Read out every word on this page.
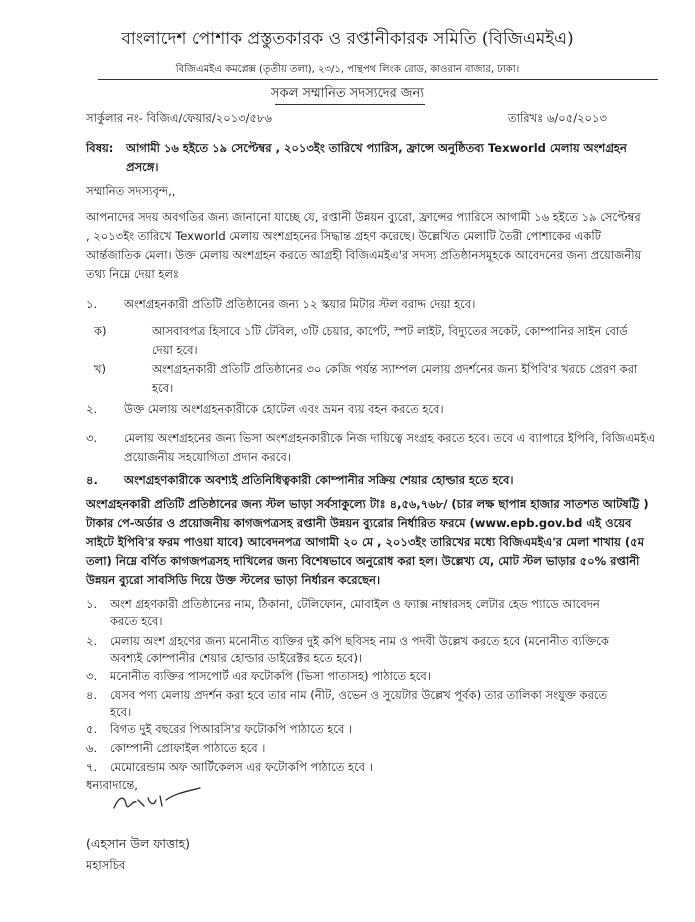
বাংলাদেশ পোশাক প্রস্তুতকারক ও রপ্তানীকারক সমিতি (বিজিএমইএ)
বিজিএমইএ কমপ্লেক্স (তৃতীয় তলা), ২৩/১, পান্থপথ লিংক রোড, কাওরান বাজার, ঢাকা।
সকল সম্মানিত সদস্যদের জন্য
সার্কুলার নং- বিজিএ/ফেয়ার/২০১৩/৫৮৬	তারিখঃ ৬/০৫/২০১৩
বিষয়: আগামী ১৬ হইতে ১৯ সেপ্টেম্বর , ২০১৩ইং তারিখে প্যারিস, ফ্রান্সে অনুষ্ঠিতব্য Texworld মেলায় অংশগ্রহন
প্রসঙ্গে।
সম্মানিত সদস্যবৃন্দ,,
আপনাদের সদয় অবগতির জন্য জানানো যাচ্ছে যে, রপ্তানী উন্নয়ন ব্যুরো, ফ্রান্সের প্যারিসে আগামী ১৬ হইতে ১৯ সেপ্টেম্বর
, ২০১৩ইং তারিখে Texworld মেলায় অংশগ্রহনের সিদ্ধান্ত গ্রহণ করেছে। উল্লেখিত মেলাটি তৈরী পোশাকের একটি
আর্ন্তজাতিক মেলা। উক্ত মেলায় অংশগ্রহন করতে আগ্রহী বিজিএমইএ'র সদস্য প্রতিষ্ঠানসমূহকে আবেদনের জন্য প্রয়োজনীয়
তথ্য নিম্নে দেয়া হলঃ
১. অংশগ্রহনকারী প্রতিটি প্রতিষ্ঠানের জন্য ১২ স্কয়ার মিটার স্টল বরাদ্দ দেয়া হবে।
ক)	আসবাবপত্র হিসাবে ১টি টেবিল, ৩টি চেয়ার, কার্পেট, স্পট লাইট, বিদ্যুতের সকেট, কোম্পানির সাইন বোর্ড
দেয়া হবে।
খ)	অংশগ্রহনকারী প্রতিটি প্রতিষ্ঠানের ৩০ কেজি পর্যন্ত স্যাম্পল মেলায় প্রদর্শনের জন্য ইপিবি'র খরচে প্রেরণ করা
হবে।
২. উক্ত মেলায় অংশগ্রহনকারীকে হোটেল এবং ভ্রমন ব্যয় বহন করতে হবে।
৩. মেলায় অংশগ্রহনের জন্য ভিসা অংশগ্রহনকারীকে নিজ দায়িত্বে সংগ্রহ করতে হবে। তবে এ ব্যাপারে ইপিবি, বিজিএমইএ
প্রয়োজনীয় সহযোগিতা প্রদান করবে।
৪. অংশগ্রহণকারীকে অবশ্যই প্রতিনিধিত্বকারী কোম্পানীর সক্রিয় শেয়ার হোল্ডার হতে হবে।
অংশগ্রহনকারী প্রতিটি প্রতিষ্ঠানের জন্য স্টল ভাড়া সর্বসাকুল্যে টাঃ ৪,৫৬,৭৬৮/ (চার লক্ষ ছাপান্ন হাজার সাতশত আটষট্টি )
টাকার পে-অর্ডার ও প্রয়োজনীয় কাগজপত্রসহ রপ্তানী উন্নয়ন ব্যুরোর নির্ধারিত ফরমে (www.epb.gov.bd এই ওয়েব
সাইটে ইপিবি'র ফরম পাওয়া যাবে) আবেদনপত্র আগামী ২০ মে , ২০১৩ইং তারিখের মধ্যে বিজিএমইএ'র মেলা শাখায় (৫ম
তলা) নিম্নে বর্ণিত কাগজপত্রসহ দাখিলের জন্য বিশেষভাবে অনুরোধ করা হল। উল্লেখ্য যে, মোট স্টল ভাড়ার ৫০% রপ্তানী
উন্নয়ন ব্যুরো সাবসিডি দিয়ে উক্ত স্টলের ভাড়া নির্ধারন করেছেন।
১. অংশ গ্রহণকারী প্রতিষ্ঠানের নাম, ঠিকানা, টেলিফোন, মোবাইল ও ফ্যাক্স নাম্বারসহ লেটার হেড প্যাডে আবেদন
করতে হবে।
২. মেলায় অংশ গ্রহণের জন্য মনোনীত ব্যক্তির দুই কপি ছবিসহ নাম ও পদবী উল্লেখ করতে হবে (মনোনীত ব্যক্তিকে
অবশ্যই কোম্পানীর শেয়ার হোল্ডার ডাইরেক্টর হতে হবে)।
৩. মনোনীত ব্যক্তির পাসপোর্ট এর ফটোকপি (ভিসা পাতাসহ) পাঠাতে হবে।
৪. যেসব পণ্য মেলায় প্রদর্শন করা হবে তার নাম (নীট, ওভেন ও সুয়েটার উল্লেখ পূর্বক) তার তালিকা সংযুক্ত করতে
হবে।
৫. বিগত দুই বছরের পিআরসি'র ফটোকপি পাঠাতে হবে ।
৬. কোম্পানী প্রোফাইল পাঠাতে হবে ।
৭. মেমোরেন্ডাম অফ আর্টিকেলস এর ফটোকপি পাঠাতে হবে ।
ধন্যবাদান্তে,
(এহসান উল ফাত্তাহ)
মহাসচিব
